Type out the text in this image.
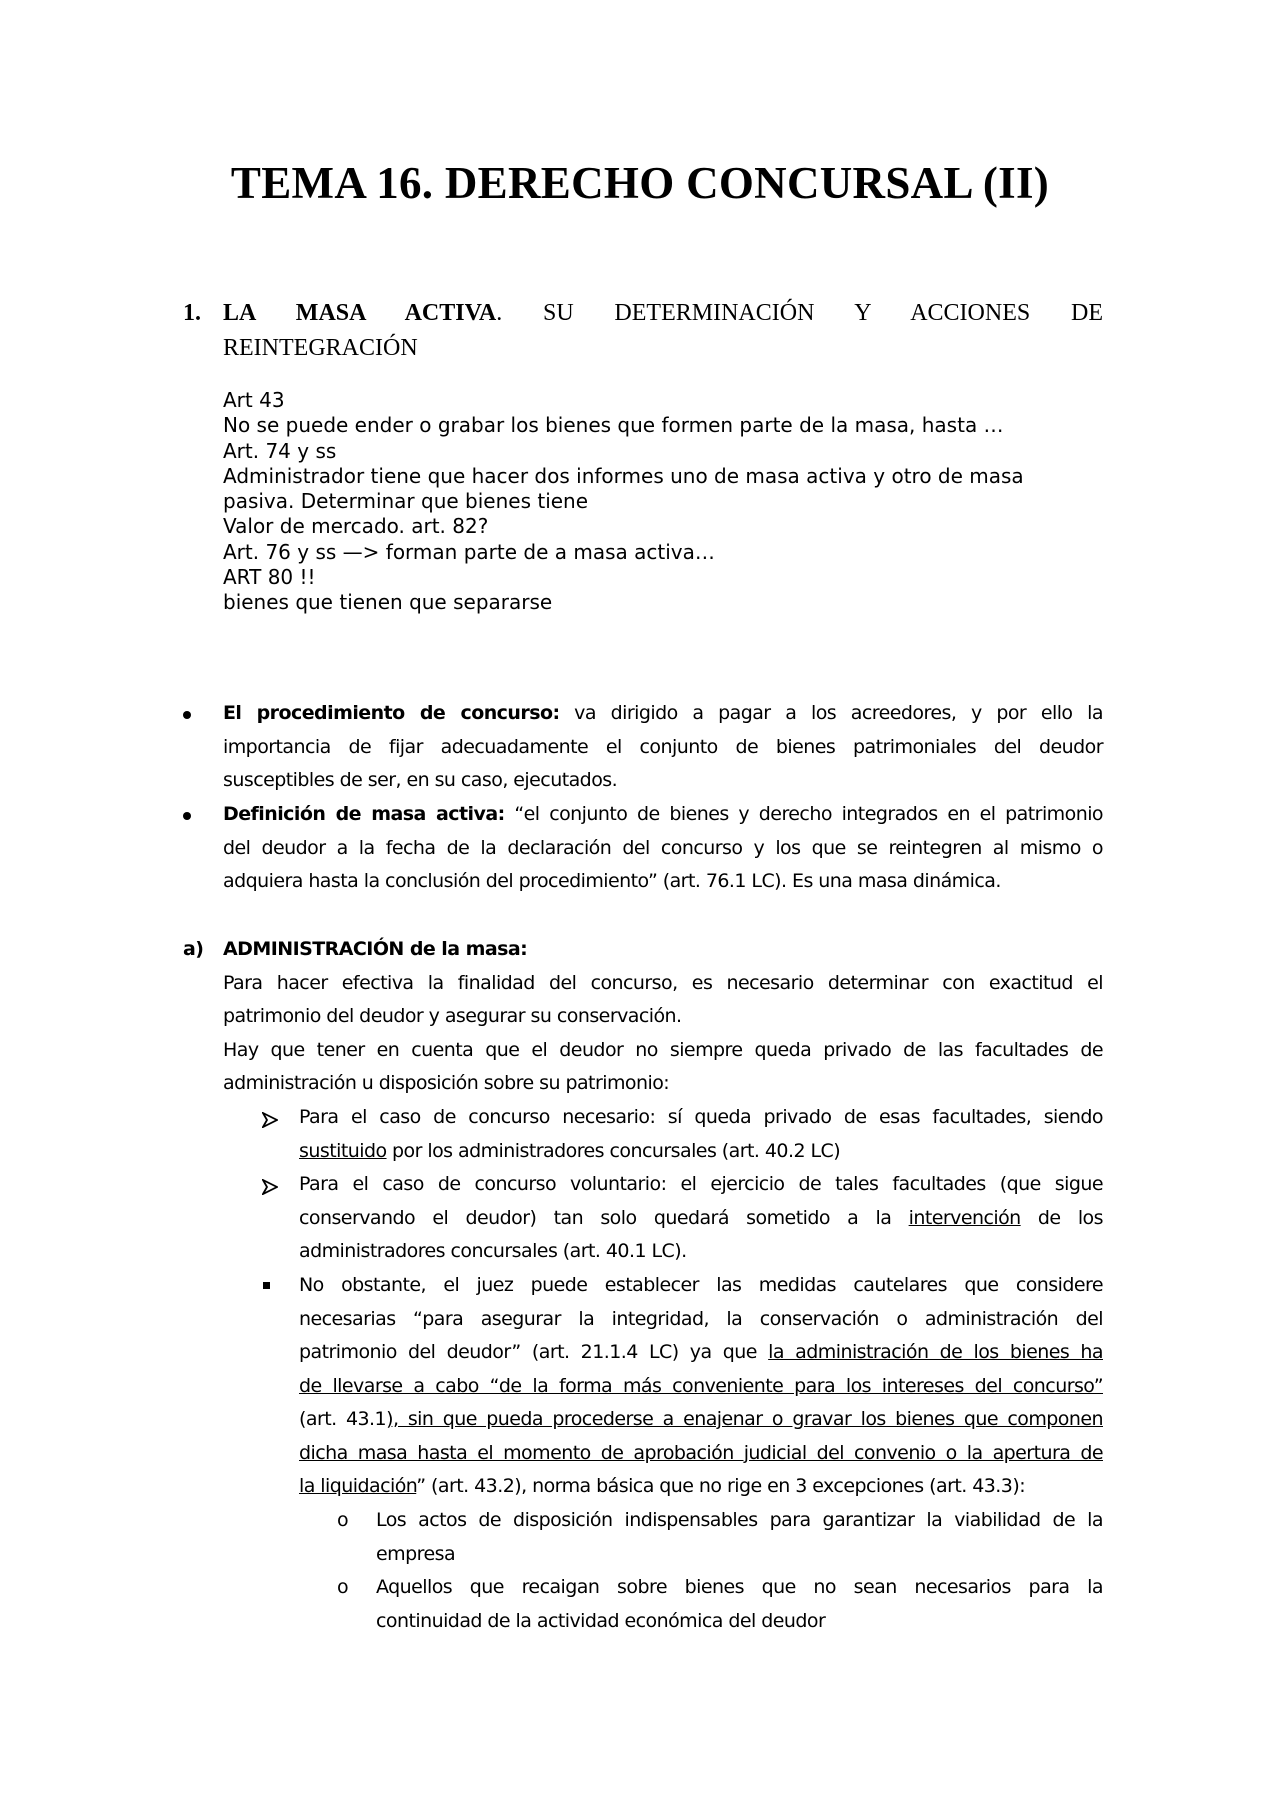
TEMA 16. DERECHO CONCURSAL (II)
1. LA MASA ACTIVA. SU DETERMINACIÓN Y ACCIONES DE
REINTEGRACIÓN
Art 43
No se puede ender o grabar los bienes que formen parte de la masa, hasta …
Art. 74 y ss
Administrador tiene que hacer dos informes uno de masa activa y otro de masa
pasiva. Determinar que bienes tiene
Valor de mercado. art. 82?
Art. 76 y ss —> forman parte de a masa activa…
ART 80 !!
bienes que tienen que separarse
El procedimiento de concurso: va dirigido a pagar a los acreedores, y por ello la
importancia de fijar adecuadamente el conjunto de bienes patrimoniales del deudor
susceptibles de ser, en su caso, ejecutados.
Definición de masa activa: “el conjunto de bienes y derecho integrados en el patrimonio
del deudor a la fecha de la declaración del concurso y los que se reintegren al mismo o
adquiera hasta la conclusión del procedimiento” (art. 76.1 LC). Es una masa dinámica.
a) ADMINISTRACIÓN de la masa:
Para hacer efectiva la finalidad del concurso, es necesario determinar con exactitud el
patrimonio del deudor y asegurar su conservación.
Hay que tener en cuenta que el deudor no siempre queda privado de las facultades de
administración u disposición sobre su patrimonio:
Para el caso de concurso necesario: sí queda privado de esas facultades, siendo
sustituido por los administradores concursales (art. 40.2 LC)
Para el caso de concurso voluntario: el ejercicio de tales facultades (que sigue
conservando el deudor) tan solo quedará sometido a la intervención de los
administradores concursales (art. 40.1 LC).
No obstante, el juez puede establecer las medidas cautelares que considere
necesarias “para asegurar la integridad, la conservación o administración del
patrimonio del deudor” (art. 21.1.4 LC) ya que la administración de los bienes ha
de llevarse a cabo “de la forma más conveniente para los intereses del concurso”
(art. 43.1), sin que pueda procederse a enajenar o gravar los bienes que componen
dicha masa hasta el momento de aprobación judicial del convenio o la apertura de
la liquidación” (art. 43.2), norma básica que no rige en 3 excepciones (art. 43.3):
o Los actos de disposición indispensables para garantizar la viabilidad de la
empresa
o Aquellos que recaigan sobre bienes que no sean necesarios para la
continuidad de la actividad económica del deudor
